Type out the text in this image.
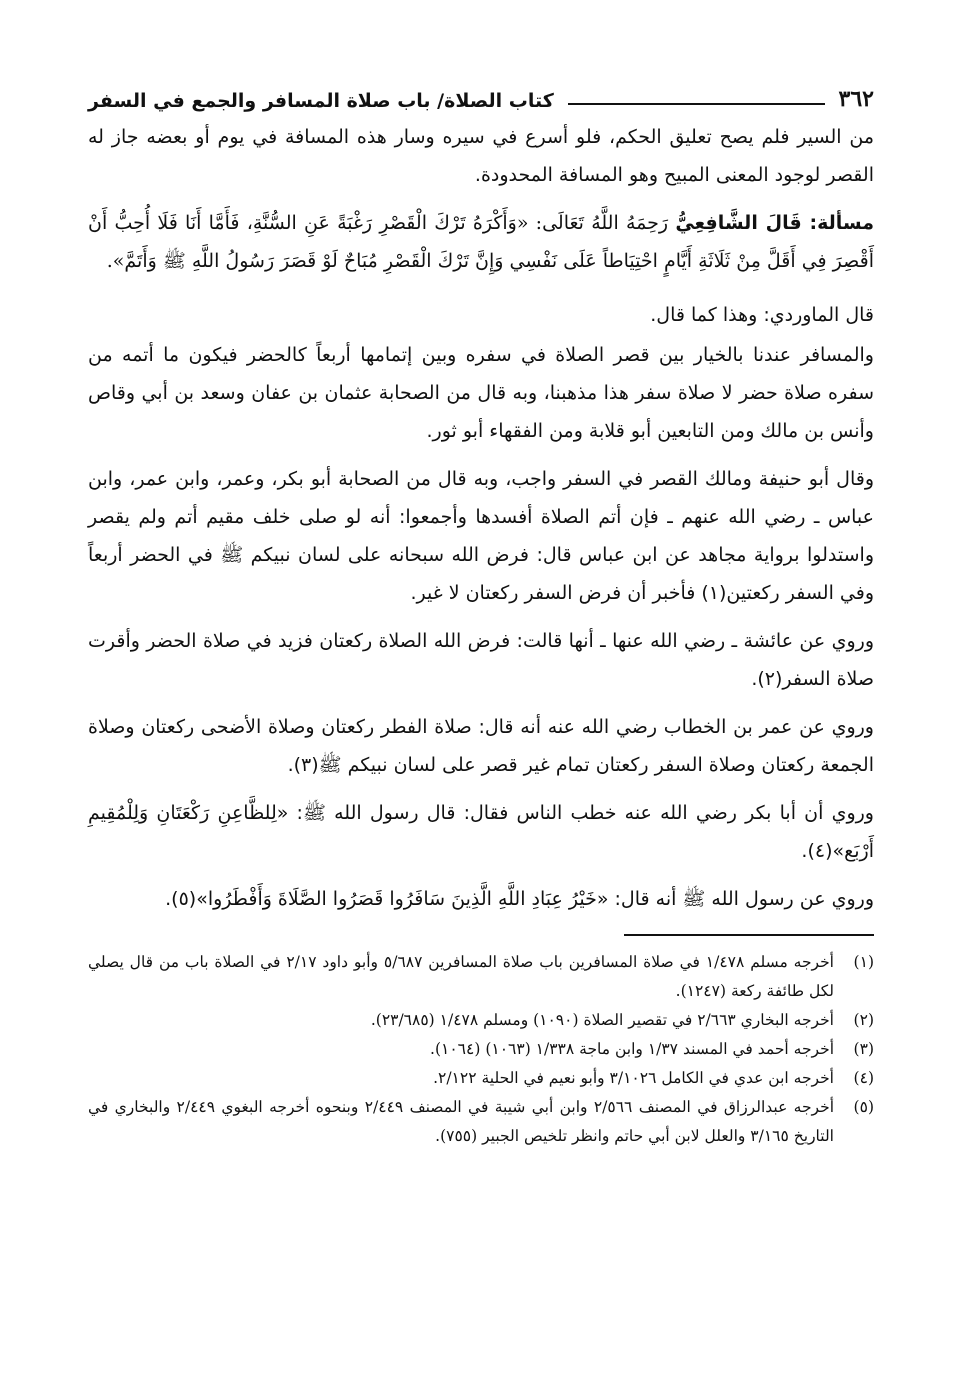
٣٦٢
كتاب الصلاة/ باب صلاة المسافر والجمع في السفر

من السير فلم يصح تعليق الحكم، فلو أسرع في سيره وسار هذه المسافة في يوم أو بعضه جاز له القصر لوجود المعنى المبيح وهو المسافة المحدودة.

مسألة: قَالَ الشَّافِعِيُّ رَحِمَهُ اللَّهُ تَعَالَى: «وَأَكْرَهُ تَرْكَ الْقَصْرِ رَغْبَةً عَنِ السُّنَّةِ، فَأَمَّا أَنَا فَلَا أُحِبُّ أَنْ أَقْصِرَ فِي أَقَلَّ مِنْ ثَلَاثَةِ أَيَّامٍ احْتِيَاطاً عَلَى نَفْسِي وَإِنَّ تَرْكَ الْقَصْرِ مُبَاحٌ لَوْ قَصَرَ رَسُولُ اللَّهِ ﷺ وَأَتَمَّ».

قال الماوردي: وهذا كما قال.

والمسافر عندنا بالخيار بين قصر الصلاة في سفره وبين إتمامها أربعاً كالحضر فيكون ما أتمه من سفره صلاة حضر لا صلاة سفر هذا مذهبنا، وبه قال من الصحابة عثمان بن عفان وسعد بن أبي وقاص وأنس بن مالك ومن التابعين أبو قلابة ومن الفقهاء أبو ثور.

وقال أبو حنيفة ومالك القصر في السفر واجب، وبه قال من الصحابة أبو بكر، وعمر، وابن عمر، وابن عباس ـ رضي الله عنهم ـ فإن أتم الصلاة أفسدها وأجمعوا: أنه لو صلى خلف مقيم أتم ولم يقصر واستدلوا برواية مجاهد عن ابن عباس قال: فرض الله سبحانه على لسان نبيكم ﷺ في الحضر أربعاً وفي السفر ركعتين(١) فأخبر أن فرض السفر ركعتان لا غير.

وروي عن عائشة ـ رضي الله عنها ـ أنها قالت: فرض الله الصلاة ركعتان فزيد في صلاة الحضر وأقرت صلاة السفر(٢).

وروي عن عمر بن الخطاب رضي الله عنه أنه قال: صلاة الفطر ركعتان وصلاة الأضحى ركعتان وصلاة الجمعة ركعتان وصلاة السفر ركعتان تمام غير قصر على لسان نبيكم ﷺ(٣).

وروي أن أبا بكر رضي الله عنه خطب الناس فقال: قال رسول الله ﷺ: «لِلظَّاعِنِ رَكْعَتَانِ وَلِلْمُقِيمِ أَرْبَع»(٤).

وروي عن رسول الله ﷺ أنه قال: «خَيْرُ عِبَادِ اللَّهِ الَّذِينَ سَافَرُوا قَصَرُوا الصَّلَاةَ وَأَفْطَرُوا»(٥).

(١)
أخرجه مسلم ١/٤٧٨ في صلاة المسافرين باب صلاة المسافرين ٥/٦٨٧ وأبو داود ٢/١٧ في الصلاة باب من قال يصلي لكل طائفة ركعة (١٢٤٧).
(٢)
أخرجه البخاري ٢/٦٦٣ في تقصير الصلاة (١٠٩٠) ومسلم ١/٤٧٨ (٢٣/٦٨٥).
(٣)
أخرجه أحمد في المسند ١/٣٧ وابن ماجة ١/٣٣٨ (١٠٦٣) (١٠٦٤).
(٤)
أخرجه ابن عدي في الكامل ٣/١٠٢٦ وأبو نعيم في الحلية ٢/١٢٢.
(٥)
أخرجه عبدالرزاق في المصنف ٢/٥٦٦ وابن أبي شيبة في المصنف ٢/٤٤٩ وبنحوه أخرجه البغوي ٢/٤٤٩ والبخاري في التاريخ ٣/١٦٥ والعلل لابن أبي حاتم وانظر تلخيص الجبير (٧٥٥).
